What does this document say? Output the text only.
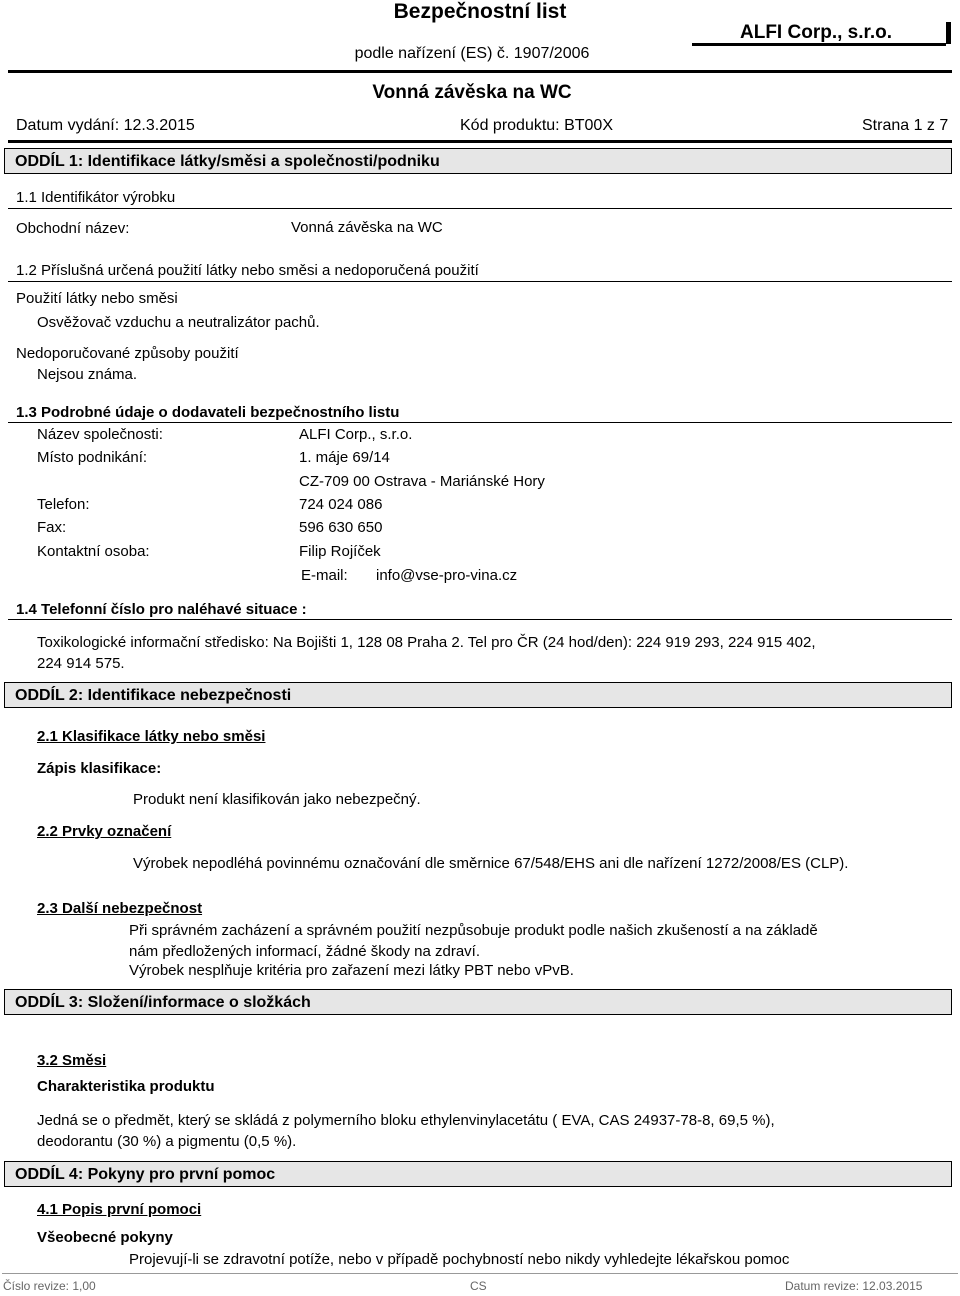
Bezpečnostní list
podle nařízení (ES) č. 1907/2006
ALFI Corp., s.r.o.
Vonná závěska na WC
Datum vydání: 12.3.2015	Kód produktu: BT00X	Strana 1 z 7
ODDÍL 1: Identifikace látky/směsi a společnosti/podniku
1.1 Identifikátor výrobku
Obchodní název:	Vonná závěska na WC
1.2 Příslušná určená použití látky nebo směsi a nedoporučená použití
Použití látky nebo směsi
Osvěžovač vzduchu a neutralizátor pachů.
Nedoporučované způsoby použití
Nejsou známa.
1.3 Podrobné údaje o dodavateli bezpečnostního listu
Název společnosti:	ALFI Corp., s.r.o.
Místo podnikání:	1. máje 69/14
CZ-709 00 Ostrava - Mariánské Hory
Telefon:	724 024 086
Fax:	596 630 650
Kontaktní osoba:	Filip Rojíček
E-mail: info@vse-pro-vina.cz
1.4 Telefonní číslo pro naléhavé situace :
Toxikologické informační středisko: Na Bojišti 1, 128 08 Praha 2. Tel pro ČR (24 hod/den): 224 919 293, 224 915 402, 224 914 575.
ODDÍL 2: Identifikace nebezpečnosti
2.1 Klasifikace látky nebo směsi
Zápis klasifikace:
Produkt není klasifikován jako nebezpečný.
2.2 Prvky označení
Výrobek nepodléhá povinnému označování dle směrnice 67/548/EHS ani dle nařízení 1272/2008/ES (CLP).
2.3 Další nebezpečnost
Při správném zacházení a správném použití nezpůsobuje produkt podle našich zkušeností a na základě nám předložených informací, žádné škody na zdraví.
Výrobek nesplňuje kritéria pro zařazení mezi látky PBT nebo vPvB.
ODDÍL 3: Složení/informace o složkách
3.2 Směsi
Charakteristika produktu
Jedná se o předmět, který se skládá z polymerního bloku ethylenvinylacetátu ( EVA, CAS 24937-78-8, 69,5 %), deodorantu (30 %) a pigmentu (0,5 %).
ODDÍL 4: Pokyny pro první pomoc
4.1 Popis první pomoci
Všeobecné pokyny
Projevují-li se zdravotní potíže, nebo v případě pochybností nebo nikdy vyhledejte lékařskou pomoc
Číslo revize: 1,00	CS	Datum revize: 12.03.2015
